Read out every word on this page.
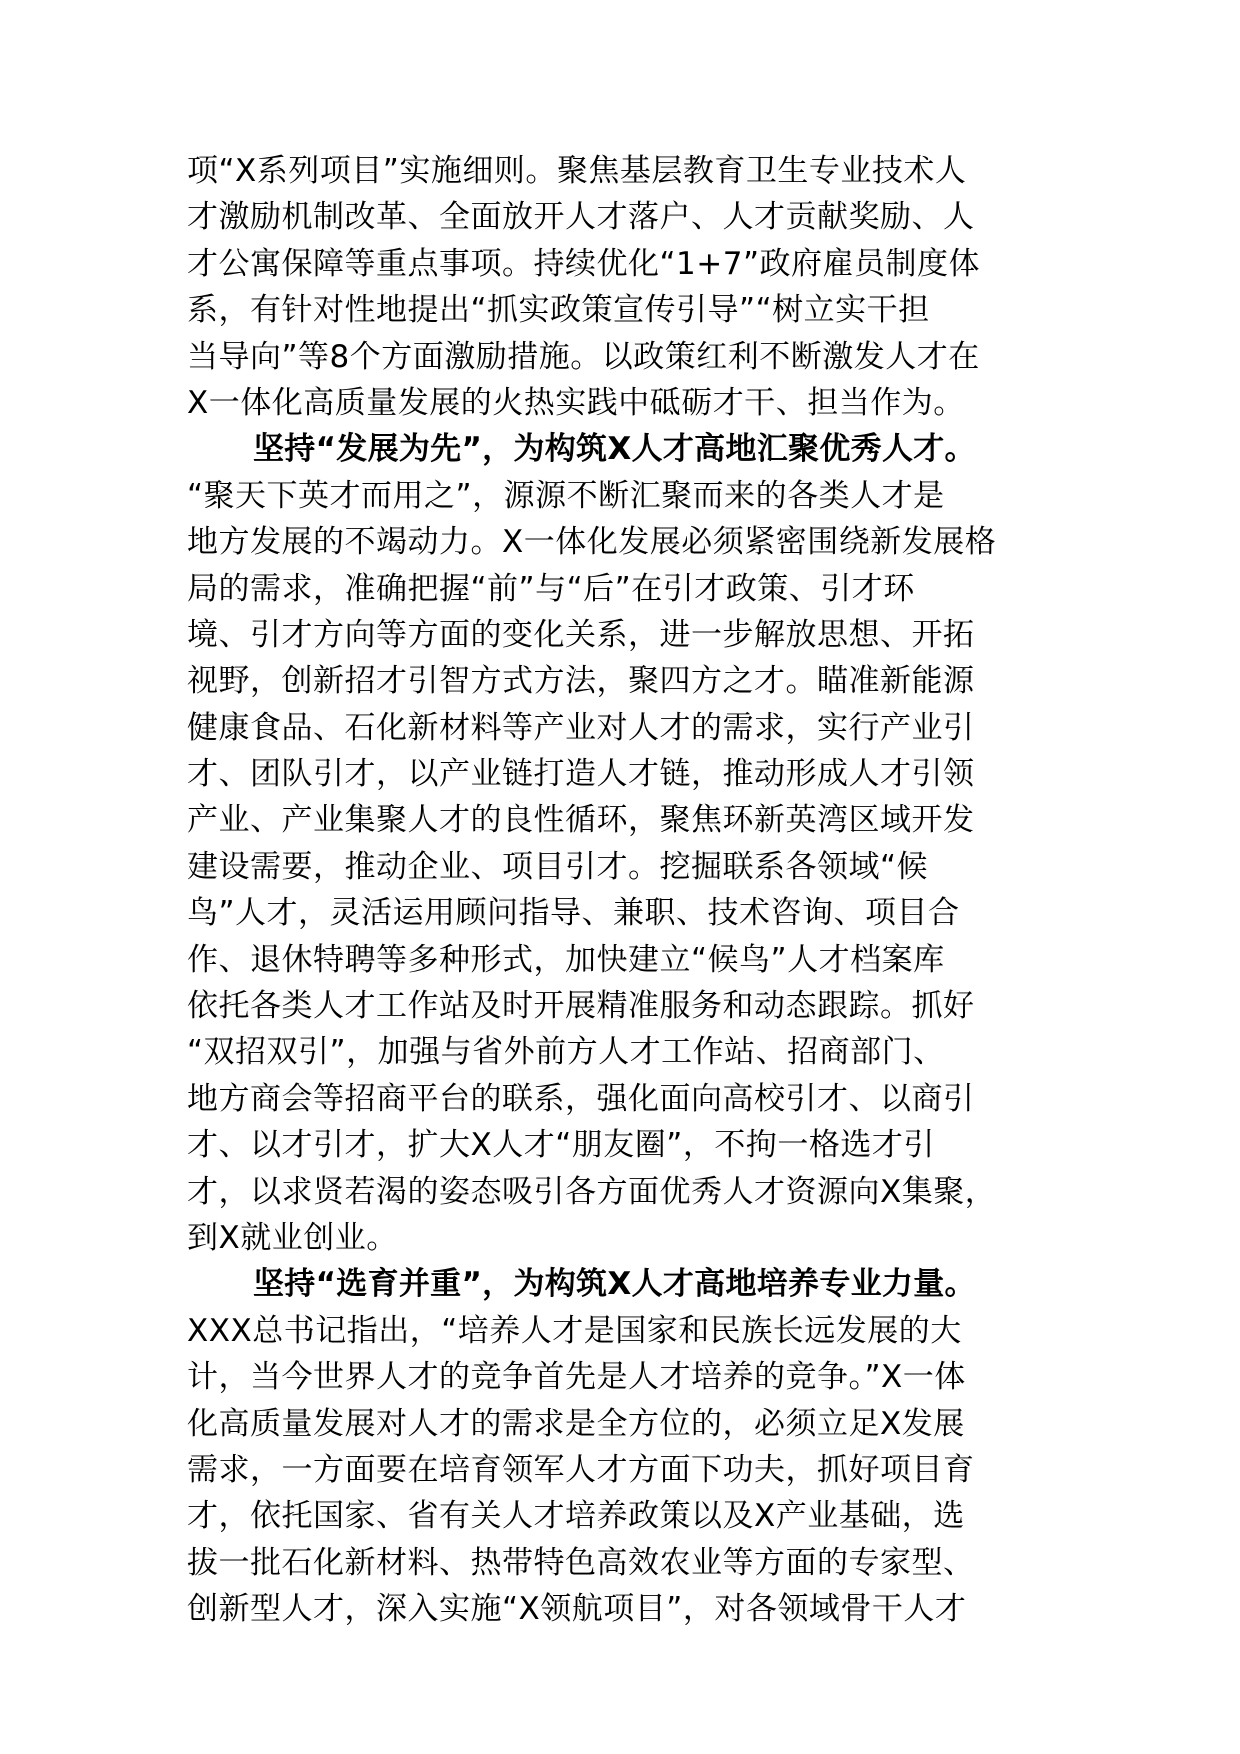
项“X系列项目”实施细则。聚焦基层教育卫生专业技术人
才激励机制改革、全面放开人才落户、人才贡献奖励、人
才公寓保障等重点事项。持续优化“1+7”政府雇员制度体
系，有针对性地提出“抓实政策宣传引导”“树立实干担
当导向”等8个方面激励措施。以政策红利不断激发人才在
X一体化高质量发展的火热实践中砥砺才干、担当作为。
坚持“发展为先”，为构筑X人才高地汇聚优秀人才。
“聚天下英才而用之”，源源不断汇聚而来的各类人才是
地方发展的不竭动力。X一体化发展必须紧密围绕新发展格
局的需求，准确把握“前”与“后”在引才政策、引才环
境、引才方向等方面的变化关系，进一步解放思想、开拓
视野，创新招才引智方式方法，聚四方之才。瞄准新能源
健康食品、石化新材料等产业对人才的需求，实行产业引
才、团队引才，以产业链打造人才链，推动形成人才引领
产业、产业集聚人才的良性循环，聚焦环新英湾区域开发
建设需要，推动企业、项目引才。挖掘联系各领域“候
鸟”人才，灵活运用顾问指导、兼职、技术咨询、项目合
作、退休特聘等多种形式，加快建立“候鸟”人才档案库
依托各类人才工作站及时开展精准服务和动态跟踪。抓好
“双招双引”，加强与省外前方人才工作站、招商部门、
地方商会等招商平台的联系，强化面向高校引才、以商引
才、以才引才，扩大X人才“朋友圈”，不拘一格选才引
才，以求贤若渴的姿态吸引各方面优秀人才资源向X集聚，
到X就业创业。
坚持“选育并重”，为构筑X人才高地培养专业力量。
XXX总书记指出，“培养人才是国家和民族长远发展的大
计，当今世界人才的竞争首先是人才培养的竞争。”X一体
化高质量发展对人才的需求是全方位的，必须立足X发展
需求，一方面要在培育领军人才方面下功夫，抓好项目育
才，依托国家、省有关人才培养政策以及X产业基础，选
拔一批石化新材料、热带特色高效农业等方面的专家型、
创新型人才，深入实施“X领航项目”，对各领域骨干人才
